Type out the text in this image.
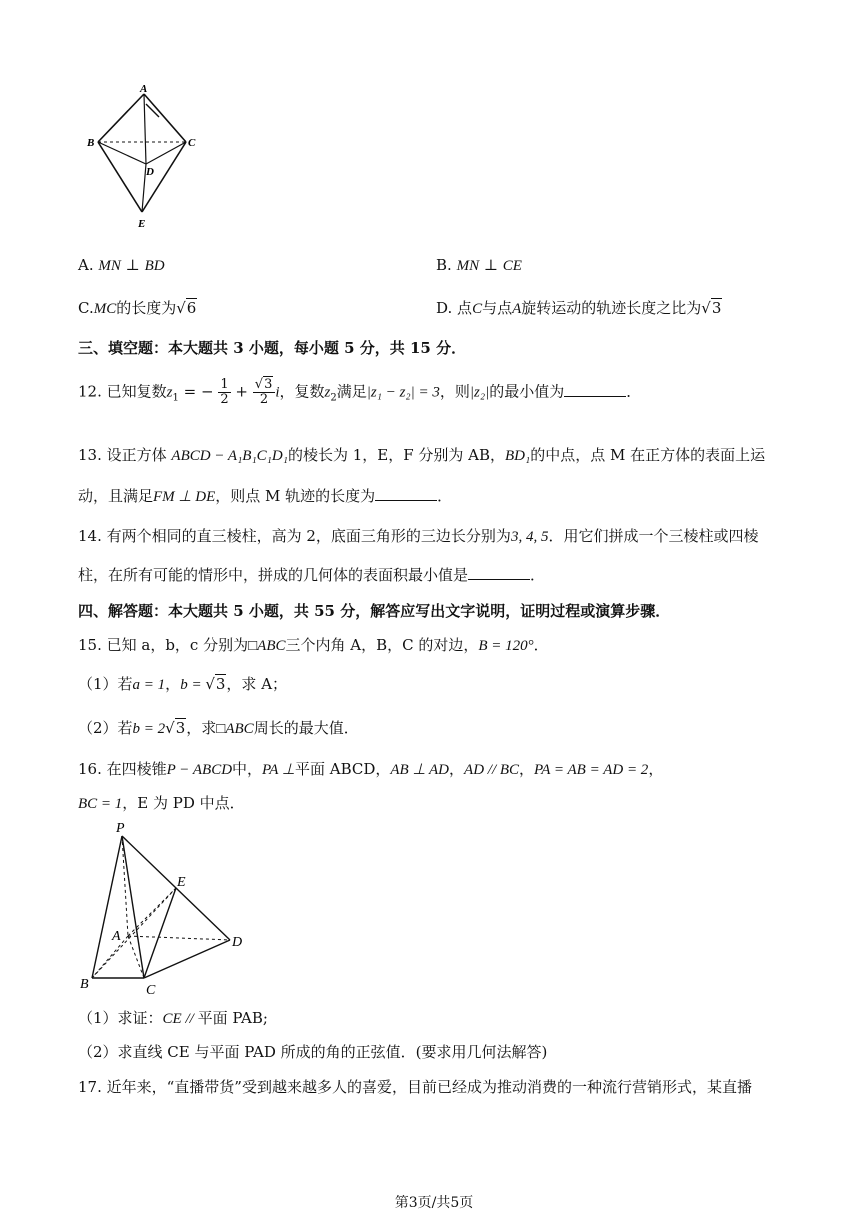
A
B	C
D
E
A. MN ⊥ BD	B. MN ⊥ CE
C.MC的长度为√6	D. 点C与点A旋转运动的轨迹长度之比为√3
三、填空题：本大题共 3 小题，每小题 5 分，共 15 分．
12. 已知复数$z_1$ = − $\frac{1}{2} + \frac{√3}{2}$ i，复数$z_2$满足|z₁ − z₂| = 3，则|z₂|的最小值为	．
13. 设正方体 ABCD − A₁B₁C₁D₁的棱长为 1，E，F 分别为 AB，BD₁的中点，点 M 在正方体的表面上运
动，且满足FM ⊥ DE，则点 M 轨迹的长度为	．
14. 有两个相同的直三棱柱，高为 2，底面三角形的三边长分别为3, 4, 5．用它们拼成一个三棱柱或四棱
柱，在所有可能的情形中，拼成的几何体的表面积最小值是	．
四、解答题：本大题共 5 小题，共 55 分，解答应写出文字说明，证明过程或演算步骤．
15. 已知 a，b，c 分别为□ABC三个内角 A，B，C 的对边，B = 120°．
（1）若a = 1，b = √3，求 A；
（2）若b = 2√3，求□ABC周长的最大值．
16. 在四棱锥P − ABCD中，PA ⊥平面 ABCD，AB ⊥ AD，AD // BC，PA = AB = AD = 2，
BC = 1，E 为 PD 中点．
P
E
A	D
B	C
（1）求证：CE // 平面 PAB;
（2）求直线 CE 与平面 PAD 所成的角的正弦值．(要求用几何法解答)
17. 近年来，“直播带货”受到越来越多人的喜爱，目前已经成为推动消费的一种流行营销形式，某直播
第3页/共5页
